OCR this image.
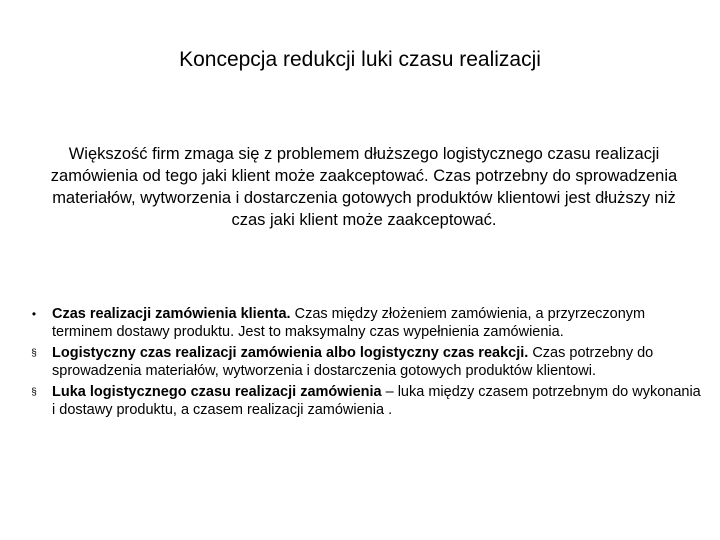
Koncepcja redukcji luki czasu realizacji

Większość firm zmaga się z problemem dłuższego logistycznego czasu realizacji zamówienia od tego jaki klient może zaakceptować. Czas potrzebny do sprowadzenia materiałów, wytworzenia i dostarczenia gotowych produktów klientowi jest dłuższy niż czas jaki klient może zaakceptować.

• Czas realizacji zamówienia klienta. Czas między złożeniem zamówienia, a przyrzeczonym terminem dostawy produktu. Jest to maksymalny czas wypełnienia zamówienia.
§ Logistyczny czas realizacji zamówienia albo logistyczny czas reakcji. Czas potrzebny do sprowadzenia materiałów, wytworzenia i dostarczenia gotowych produktów klientowi.
§ Luka logistycznego czasu realizacji zamówienia – luka między czasem potrzebnym do wykonania i dostawy produktu, a czasem realizacji zamówienia .
